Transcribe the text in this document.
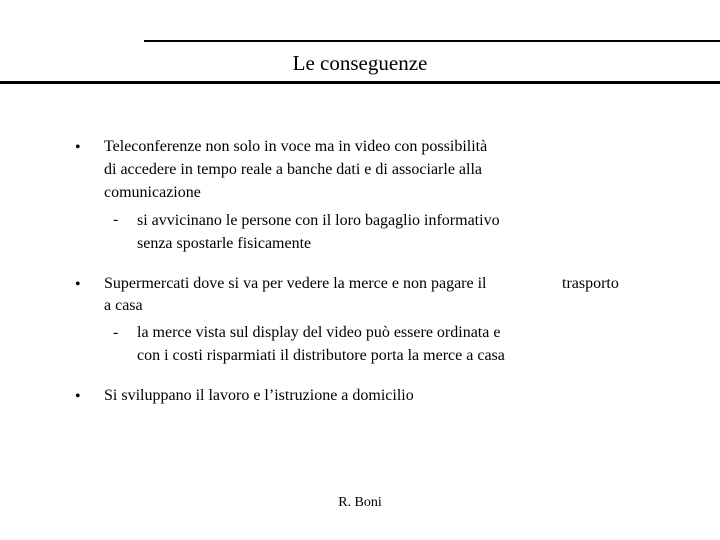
Le conseguenze
• Teleconferenze non solo in voce ma in video con possibilità
di accedere in tempo reale a banche dati e di associarle alla
comunicazione
- si avvicinano le persone con il loro bagaglio informativo
senza spostarle fisicamente
• Supermercati dove si va per vedere la merce e non pagare il	trasporto
a casa
- la merce vista sul display del video può essere ordinata e
con i costi risparmiati il distributore porta la merce a casa
• Si sviluppano il lavoro e l’istruzione a domicilio
R. Boni
